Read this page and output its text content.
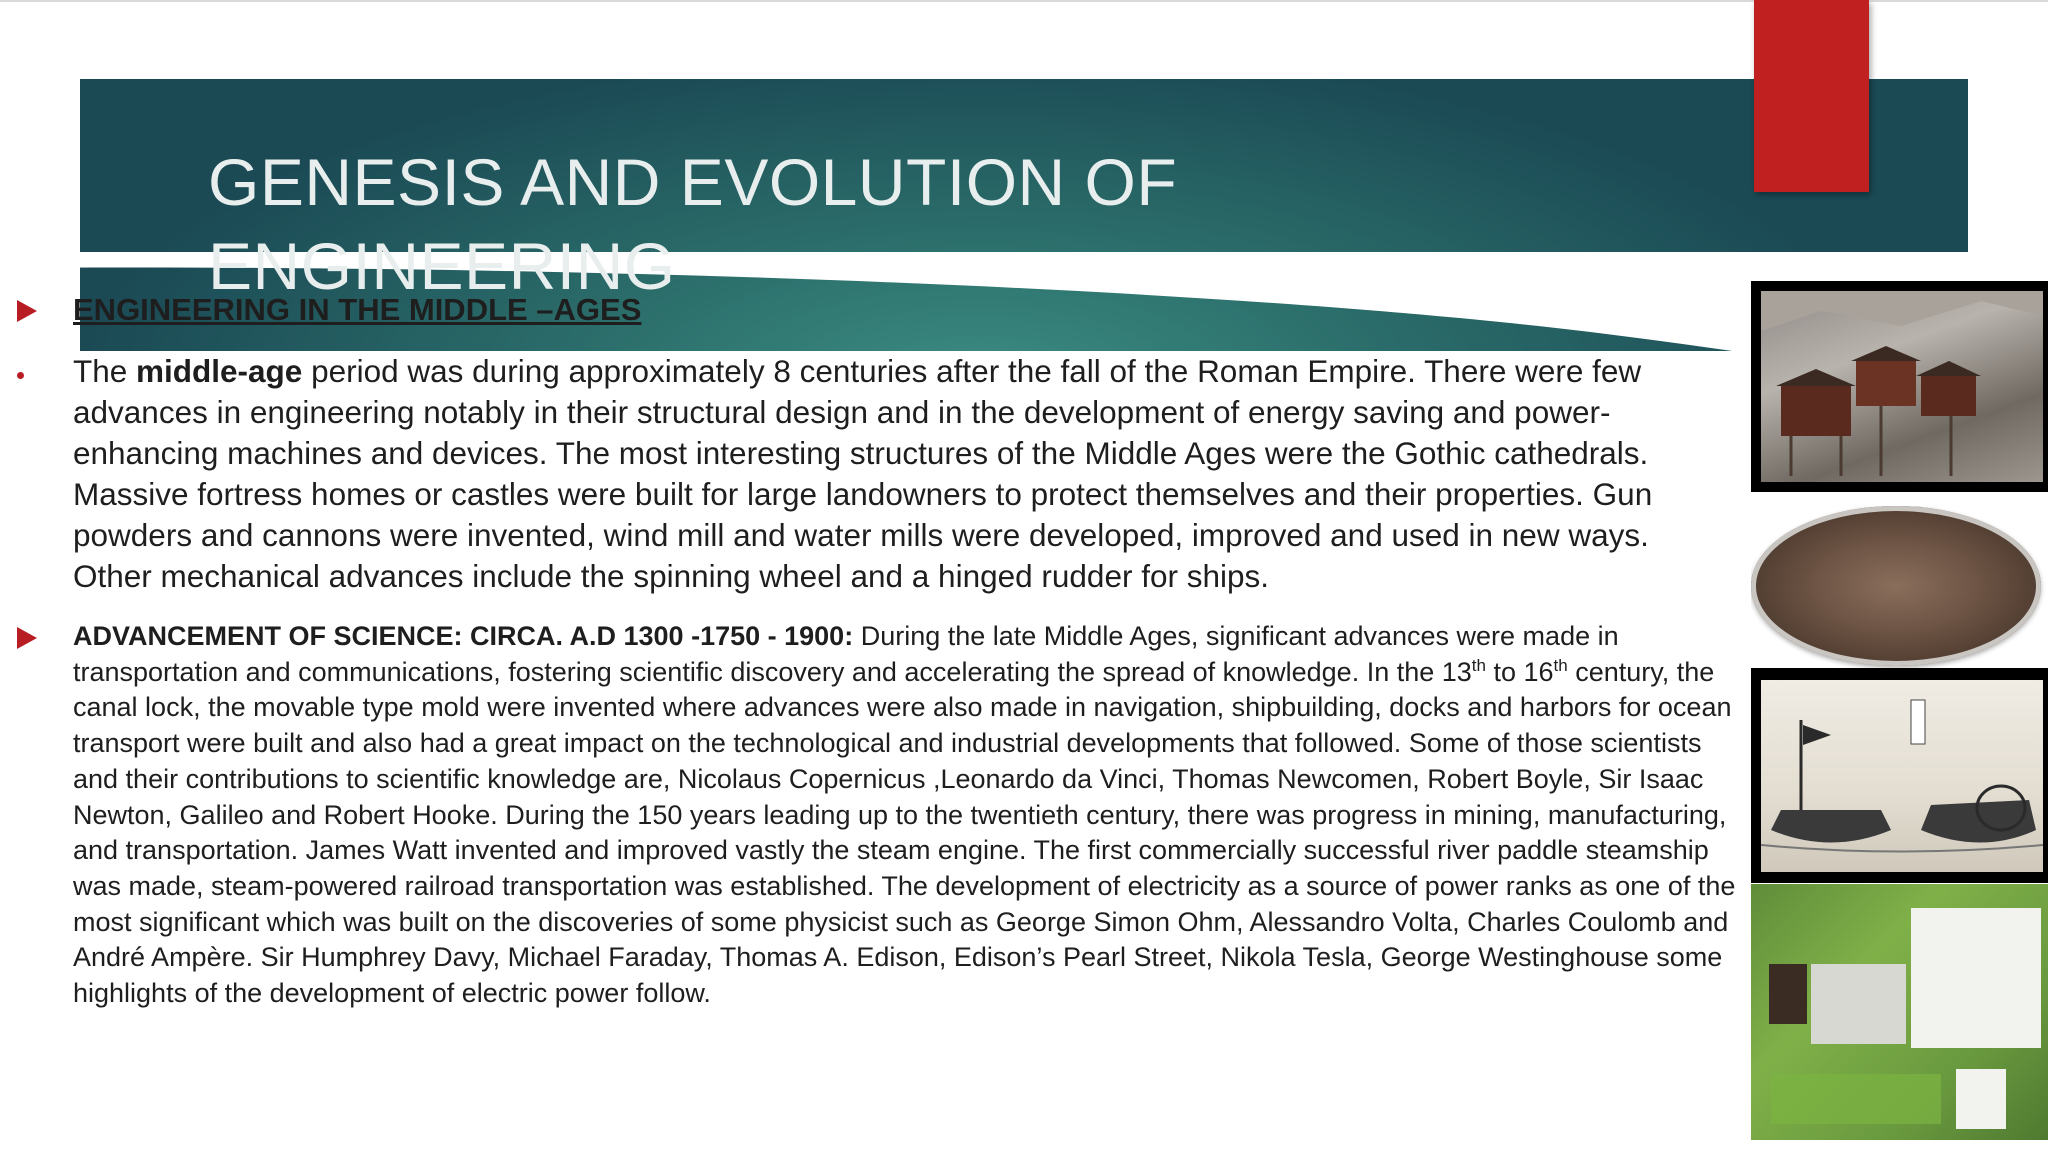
GENESIS AND EVOLUTION OF ENGINEERING
ENGINEERING IN THE MIDDLE –AGES

The middle-age period was during approximately 8 centuries after the fall of the Roman Empire. There were few advances in engineering notably in their structural design and in the development of energy saving and power-enhancing machines and devices. The most interesting structures of the Middle Ages were the Gothic cathedrals. Massive fortress homes or castles were built for large landowners to protect themselves and their properties. Gun powders and cannons were invented, wind mill and water mills were developed, improved and used in new ways. Other mechanical advances include the spinning wheel and a hinged rudder for ships.

ADVANCEMENT OF SCIENCE: CIRCA. A.D 1300 -1750 - 1900: During the late Middle Ages, significant advances were made in transportation and communications, fostering scientific discovery and accelerating the spread of knowledge. In the 13th to 16th century, the canal lock, the movable type mold were invented where advances were also made in navigation, shipbuilding, docks and harbors for ocean transport were built and also had a great impact on the technological and industrial developments that followed. Some of those scientists and their contributions to scientific knowledge are, Nicolaus Copernicus ,Leonardo da Vinci, Thomas Newcomen, Robert Boyle, Sir Isaac Newton, Galileo and Robert Hooke. During the 150 years leading up to the twentieth century, there was progress in mining, manufacturing, and transportation. James Watt invented and improved vastly the steam engine. The first commercially successful river paddle steamship was made, steam-powered railroad transportation was established. The development of electricity as a source of power ranks as one of the most significant which was built on the discoveries of some physicist such as George Simon Ohm, Alessandro Volta, Charles Coulomb and André Ampère. Sir Humphrey Davy, Michael Faraday, Thomas A. Edison, Edison’s Pearl Street, Nikola Tesla, George Westinghouse some highlights of the development of electric power follow.
